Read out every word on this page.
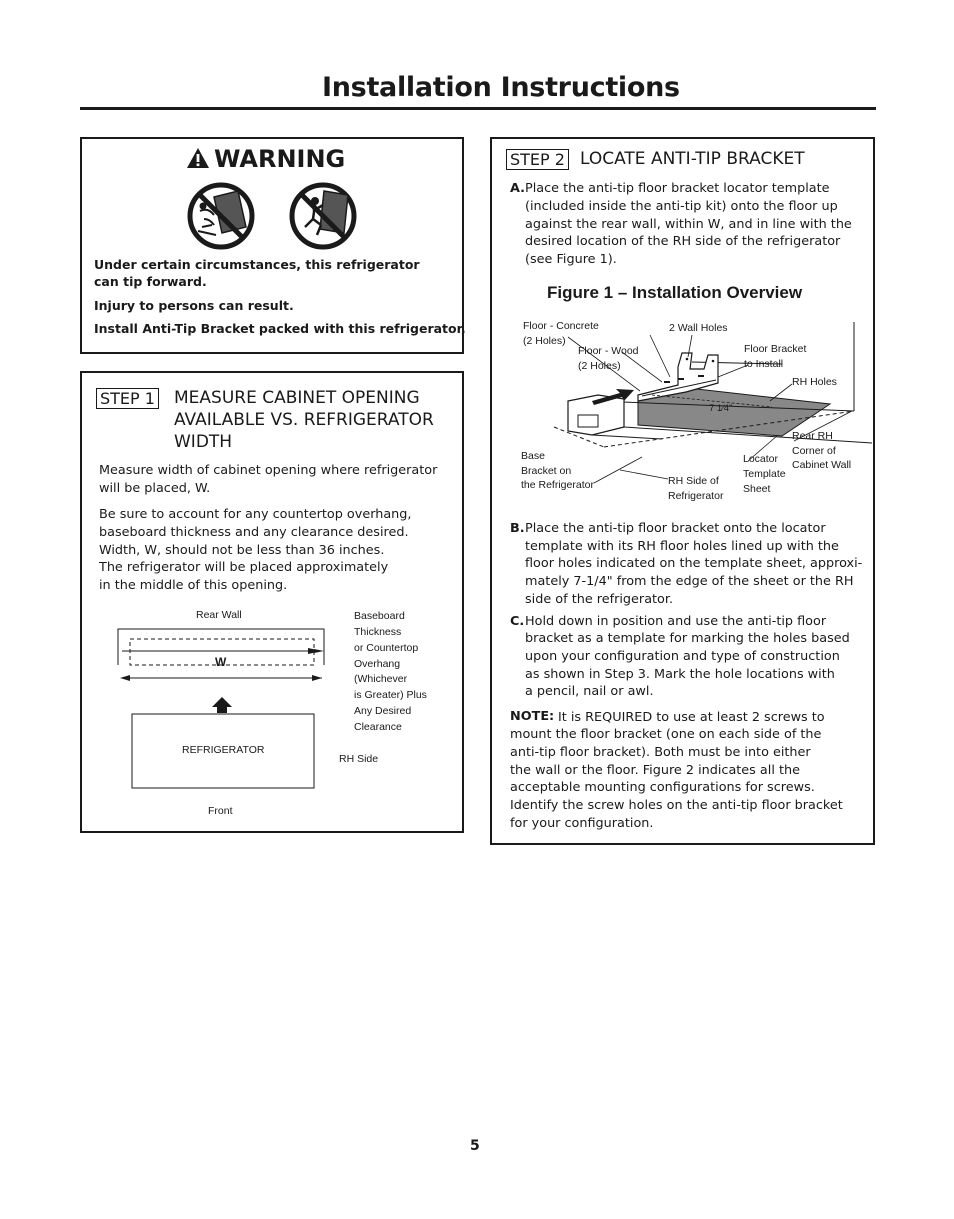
Installation Instructions
WARNING
Under certain circumstances, this refrigerator
can tip forward.
Injury to persons can result.
Install Anti-Tip Bracket packed with this refrigerator.
STEP 1 MEASURE CABINET OPENING
AVAILABLE VS. REFRIGERATOR
WIDTH
Measure width of cabinet opening where refrigerator
will be placed, W.
Be sure to account for any countertop overhang,
baseboard thickness and any clearance desired.
Width, W, should not be less than 36 inches.
The refrigerator will be placed approximately
in the middle of this opening.
Rear Wall
W
REFRIGERATOR
Front
RH Side
Baseboard
Thickness
or Countertop
Overhang
(Whichever
is Greater) Plus
Any Desired
Clearance
STEP 2 LOCATE ANTI-TIP BRACKET
A. Place the anti-tip floor bracket locator template
(included inside the anti-tip kit) onto the floor up
against the rear wall, within W, and in line with the
desired location of the RH side of the refrigerator
(see Figure 1).
Figure 1 – Installation Overview
Floor - Concrete
(2 Holes)
Floor - Wood
(2 Holes)
2 Wall Holes
Floor Bracket
to Install
RH Holes
7 1⁄4"
Rear RH
Corner of
Cabinet Wall
Base
Bracket on
the Refrigerator	RH Side of
Refrigerator
Locator
Template
Sheet
B. Place the anti-tip floor bracket onto the locator
template with its RH floor holes lined up with the
floor holes indicated on the template sheet, approxi-
mately 7-1/4" from the edge of the sheet or the RH
side of the refrigerator.
C. Hold down in position and use the anti-tip floor
bracket as a template for marking the holes based
upon your configuration and type of construction
as shown in Step 3. Mark the hole locations with
a pencil, nail or awl.
NOTE: It is REQUIRED to use at least 2 screws to
mount the floor bracket (one on each side of the
anti-tip floor bracket). Both must be into either
the wall or the floor. Figure 2 indicates all the
acceptable mounting configurations for screws.
Identify the screw holes on the anti-tip floor bracket
for your configuration.
5
